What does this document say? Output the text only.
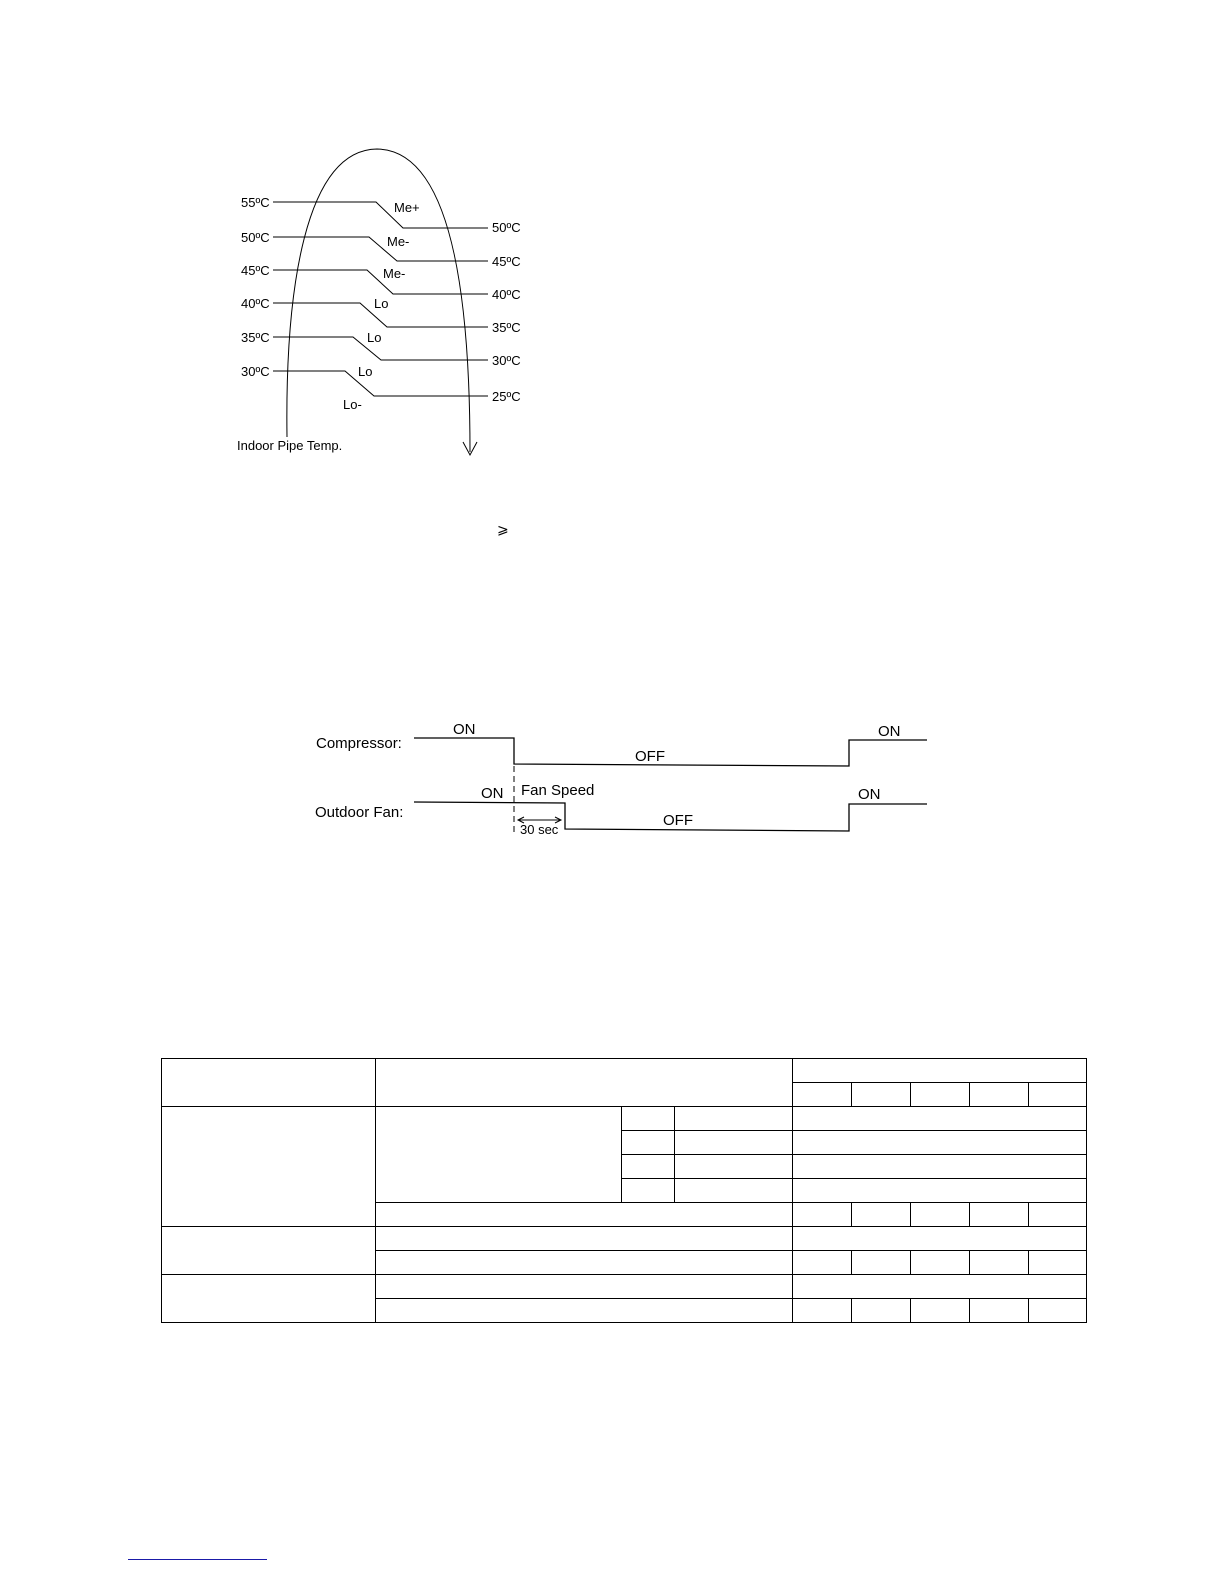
55ºC
50ºC
45ºC
40ºC
35ºC
30ºC
50ºC
45ºC
40ºC
35ºC
30ºC
25ºC
Me+
Me-
Me-
Lo
Lo
Lo
Lo-
Indoor Pipe Temp.
⩾
Compressor:
Outdoor Fan:
ON
OFF
ON
ON Fan Speed
30 sec
OFF
ON
